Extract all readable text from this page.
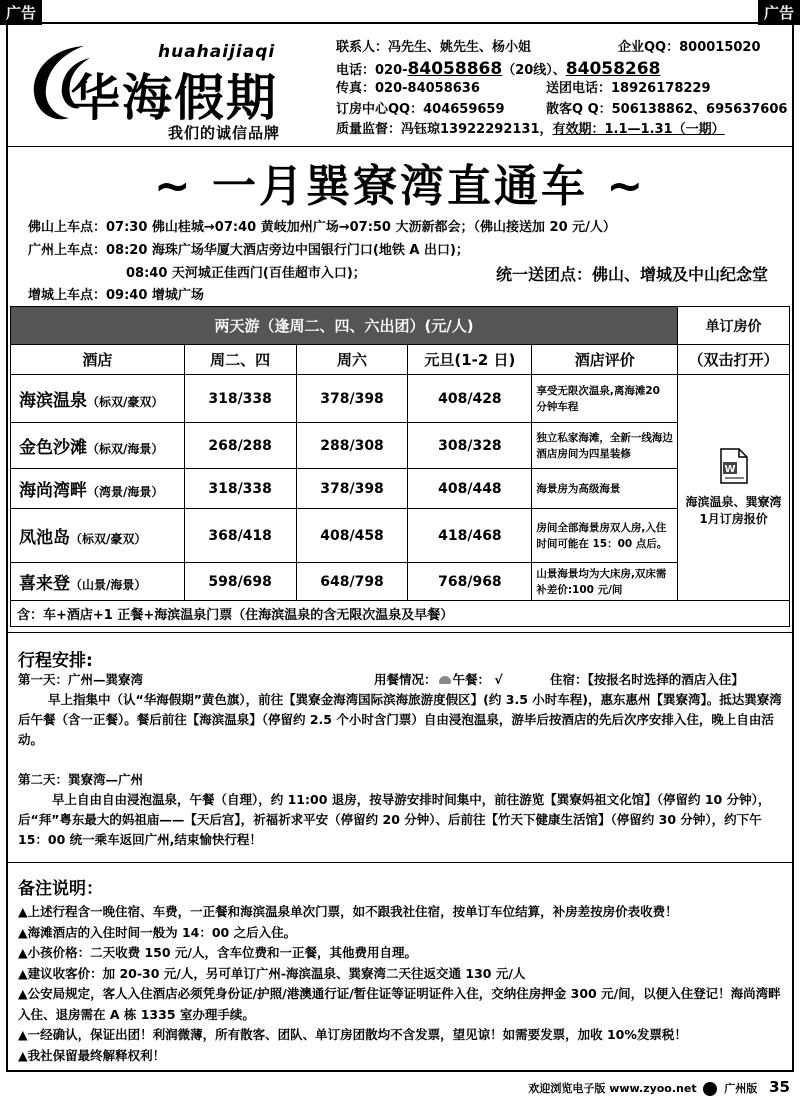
广告	广告
huahaijiaqi
华海假期
我们的诚信品牌
联系人：冯先生、姚先生、杨小姐	企业QQ：800015020
电话：020-84058868（20线）、84058268
传真：020-84058636	送团电话：18926178229
订房中心QQ：404659659	散客Q Q：506138862、695637606
质量监督：冯钰琼13922292131，有效期：1.1—1.31（一期）
~ 一月巽寮湾直通车 ~
佛山上车点：07:30 佛山桂城→07:40 黄岐加州广场→07:50 大沥新都会；（佛山接送加 20 元/人）
广州上车点：08:20 海珠广场华厦大酒店旁边中国银行门口(地铁 A 出口)；
08:40 天河城正佳西门(百佳超市入口)；
增城上车点：09:40 增城广场
统一送团点：佛山、增城及中山纪念堂
两天游（逢周二、四、六出团）(元/人)					单订房价
酒店	周二、四	周六	元旦(1-2 日)	酒店评价	（双击打开）
海滨温泉（标双/豪双）	318/338	378/398	408/428	享受无限次温泉,离海滩20 分钟车程	W
海滨温泉、巽寮湾1月订房报价

金色沙滩（标双/海景）	268/288	288/308	308/328	独立私家海滩，全新一线海边酒店房间为四星装修	
海尚湾畔（湾景/海景）	318/338	378/398	408/448	海景房为高级海景	
凤池岛（标双/豪双）	368/418	408/458	418/468	房间全部海景房双人房,入住时间可能在 15：00 点后。	
喜来登（山景/海景）	598/698	648/798	768/968	山景海景均为大床房,双床需补差价:100 元/间	
含：车+酒店+1 正餐+海滨温泉门票（住海滨温泉的含无限次温泉及早餐）					
行程安排:
第一天：广州—巽寮湾	用餐情况： 午餐： √	住宿：【按报名时选择的酒店入住】
早上指集中（认“华海假期”黄色旗），前往【巽寮金海湾国际滨海旅游度假区】(约 3.5 小时车程)，惠东惠州【巽寮湾】。抵达巽寮湾后午餐（含一正餐）。餐后前往【海滨温泉】（停留约 2.5 个小时含门票）自由浸泡温泉，游毕后按酒店的先后次序安排入住，晚上自由活动。
第二天：巽寮湾—广州
早上自由自由浸泡温泉，午餐（自理），约 11:00 退房，按导游安排时间集中，前往游览【巽寮妈祖文化馆】（停留约 10 分钟），后“拜”粤东最大的妈祖庙——【天后宫】，祈福祈求平安（停留约 20 分钟）、后前往【竹天下健康生活馆】（停留约 30 分钟），约下午 15：00 统一乘车返回广州,结束愉快行程！
备注说明：
▲上述行程含一晚住宿、车费，一正餐和海滨温泉单次门票，如不跟我社住宿，按单订车位结算，补房差按房价表收费！
▲海滩酒店的入住时间一般为 14：00 之后入住。
▲小孩价格：二天收费 150 元/人，含车位费和一正餐，其他费用自理。
▲建议收客价：加 20-30 元/人，另可单订广州-海滨温泉、巽寮湾二天往返交通 130 元/人
▲公安局规定，客人入住酒店必须凭身份证/护照/港澳通行证/暂住证等证明证件入住，交纳住房押金 300 元/间，以便入住登记！海尚湾畔入住、退房需在 A 栋 1335 室办理手续。
▲一经确认，保证出团！利润微薄，所有散客、团队、单订房团散均不含发票，望见谅！如需要发票，加收 10%发票税！
▲我社保留最终解释权利！
欢迎浏览电子版 www.zyoo.net	广州版 35
